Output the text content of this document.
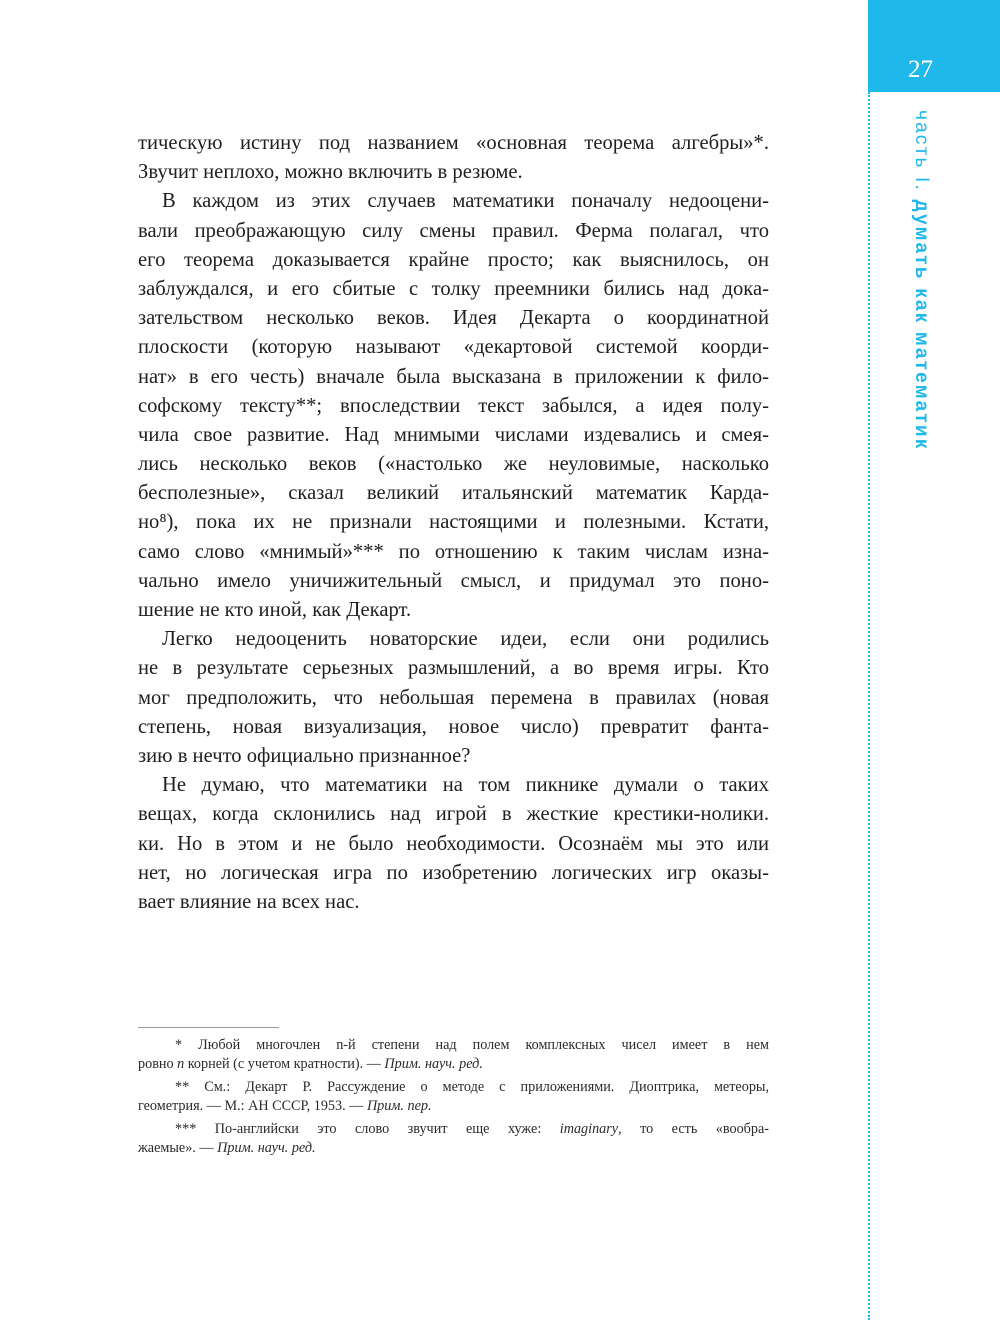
27
часть I. думать как математик
тическую истину под названием «основная теорема алгебры»*.
Звучит неплохо, можно включить в резюме.
В каждом из этих случаев математики поначалу недооцени-
вали преображающую силу смены правил. Ферма полагал, что
его теорема доказывается крайне просто; как выяснилось, он
заблуждался, и его сбитые с толку преемники бились над дока-
зательством несколько веков. Идея Декарта о координатной
плоскости (которую называют «декартовой системой коорди-
нат» в его честь) вначале была высказана в приложении к фило-
софскому тексту**; впоследствии текст забылся, а идея полу-
чила свое развитие. Над мнимыми числами издевались и смея-
лись несколько веков («настолько же неуловимые, насколько
бесполезные», сказал великий итальянский математик Карда-
но⁸), пока их не признали настоящими и полезными. Кстати,
само слово «мнимый»*** по отношению к таким числам изна-
чально имело уничижительный смысл, и придумал это поно-
шение не кто иной, как Декарт.
Легко недооценить новаторские идеи, если они родились
не в результате серьезных размышлений, а во время игры. Кто
мог предположить, что небольшая перемена в правилах (новая
степень, новая визуализация, новое число) превратит фанта-
зию в нечто официально признанное?
Не думаю, что математики на том пикнике думали о таких
вещах, когда склонились над игрой в жесткие крестики-нолики.
ки. Но в этом и не было необходимости. Осознаём мы это или
нет, но логическая игра по изобретению логических игр оказы-
вает влияние на всех нас.
* Любой многочлен n-й степени над полем комплексных чисел имеет в нем
ровно n корней (с учетом кратности). — Прим. науч. ред.
** См.: Декарт Р. Рассуждение о методе с приложениями. Диоптрика, метеоры,
геометрия. — М.: АН СССР, 1953. — Прим. пер.
*** По-английски это слово звучит еще хуже: imaginary, то есть «вообра-
жаемые». — Прим. науч. ред.
